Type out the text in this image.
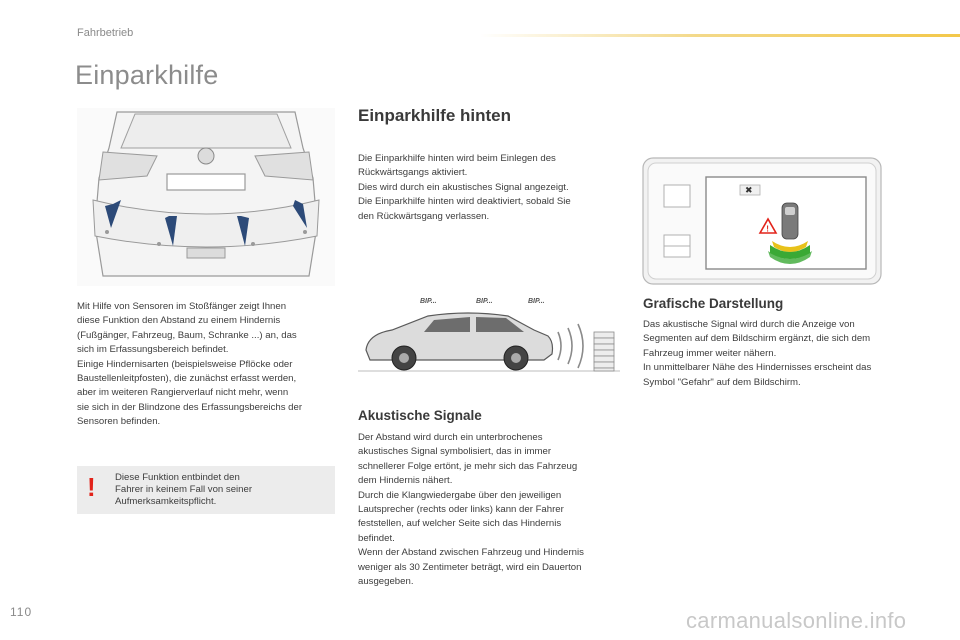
Fahrbetrieb
Einparkhilfe
Mit Hilfe von Sensoren im Stoßfänger zeigt Ihnen
diese Funktion den Abstand zu einem Hindernis
(Fußgänger, Fahrzeug, Baum, Schranke ...) an, das
sich im Erfassungsbereich befindet.
Einige Hindernisarten (beispielsweise Pflöcke oder
Baustellenleitpfosten), die zunächst erfasst werden,
aber im weiteren Rangierverlauf nicht mehr, wenn
sie sich in der Blindzone des Erfassungsbereichs der
Sensoren befinden.
! Diese Funktion entbindet den
Fahrer in keinem Fall von seiner
Aufmerksamkeitspflicht.
Einparkhilfe hinten
Die Einparkhilfe hinten wird beim Einlegen des
Rückwärtsgangs aktiviert.
Dies wird durch ein akustisches Signal angezeigt.
Die Einparkhilfe hinten wird deaktiviert, sobald Sie
den Rückwärtsgang verlassen.
BIP...	BIP...	BIP...
Akustische Signale
Der Abstand wird durch ein unterbrochenes
akustisches Signal symbolisiert, das in immer
schnellerer Folge ertönt, je mehr sich das Fahrzeug
dem Hindernis nähert.
Durch die Klangwiedergabe über den jeweiligen
Lautsprecher (rechts oder links) kann der Fahrer
feststellen, auf welcher Seite sich das Hindernis
befindet.
Wenn der Abstand zwischen Fahrzeug und Hindernis
weniger als 30 Zentimeter beträgt, wird ein Dauerton
ausgegeben.
✖
!
Grafische Darstellung
Das akustische Signal wird durch die Anzeige von
Segmenten auf dem Bildschirm ergänzt, die sich dem
Fahrzeug immer weiter nähern.
In unmittelbarer Nähe des Hindernisses erscheint das
Symbol "Gefahr" auf dem Bildschirm.
110	carmanualsonline.info
